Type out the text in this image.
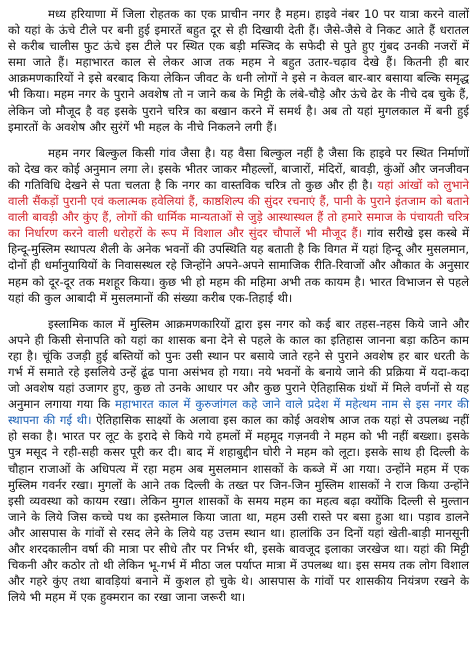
मध्य हरियाणा में जिला रोहतक का एक प्राचीन नगर है महम। हाइवे नंबर 10 पर यात्रा करने वालों को यहां के ऊंचे टीले पर बनी हुई इमारतें बहुत दूर से ही दिखायी देती हैं। जैसे-जैसे वे निकट आते हैं धरातल से करीब चालीस फुट ऊंचे इस टीले पर स्थित एक बड़ी मस्जिद के सफेदी से पुते हुए गुंबद उनकी नजरों में समा जाते हैं। महाभारत काल से लेकर आज तक महम ने बहुत उतार-चढ़ाव देखे हैं। कितनी ही बार आक्रमणकारियों ने इसे बरबाद किया लेकिन जीवट के धनी लोगों ने इसे न केवल बार-बार बसाया बल्कि समृद्ध भी किया। महम नगर के पुराने अवशेष तो न जाने कब के मिट्टी के लंबे-चौड़े और ऊंचे ढेर के नीचे दब चुके हैं, लेकिन जो मौजूद है वह इसके पुराने चरित्र का बखान करने में समर्थ है। अब तो यहां मुगलकाल में बनी हुई इमारतों के अवशेष और सुरंगें भी महल के नीचे निकलने लगी हैं।

महम नगर बिल्कुल किसी गांव जैसा है। यह वैसा बिल्कुल नहीं है जैसा कि हाइवे पर स्थित निर्माणों को देख कर कोई अनुमान लगा ले। इसके भीतर जाकर मौहल्लों, बाजारों, मंदिरों, बावड़ी, कुंओं और जनजीवन की गतिविधि देखने से पता चलता है कि नगर का वास्तविक चरित्र तो कुछ और ही है। यहां आंखों को लुभाने वाली सैंकड़ों पुरानी एवं कलात्मक हवेलियां हैं, काष्ठशिल्प की सुंदर रचनाएं हैं, पानी के पुराने इंतजाम को बताने वाली बावड़ी और कुंए हैं, लोगों की धार्मिक मान्यताओं से जुड़े आस्थास्थल हैं तो हमारे समाज के पंचायती चरित्र का निर्धारण करने वाली धरोहरों के रूप में विशाल और सुंदर चौपालें भी मौजूद हैं। गांव सरीखे इस कस्बे में हिन्दू-मुस्लिम स्थापत्य शैली के अनेक भवनों की उपस्थिति यह बताती है कि विगत में यहां हिन्दू और मुसलमान, दोनों ही धर्मानुयायियों के निवासस्थल रहे जिन्होंने अपने-अपने सामाजिक रीति-रिवाजों और औकात के अनुसार महम को दूर-दूर तक मशहूर किया। कुछ भी हो महम की महिमा अभी तक कायम है। भारत विभाजन से पहले यहां की कुल आबादी में मुसलमानों की संख्या करीब एक-तिहाई थी।

इस्लामिक काल में मुस्लिम आक्रमणकारियों द्वारा इस नगर को कई बार तहस-नहस किये जाने और अपने ही किसी सेनापति को यहां का शासक बना देने से पहले के काल का इतिहास जानना बड़ा कठिन काम रहा है। चूंकि उजड़ी हुई बस्तियों को पुनः उसी स्थान पर बसाये जाते रहने से पुराने अवशेष हर बार धरती के गर्भ में समाते रहे इसलिये उन्हें ढूंढ पाना असंभव हो गया। नये भवनों के बनाये जाने की प्रक्रिया में यदा-कदा जो अवशेष यहां उजागर हुए, कुछ तो उनके आधार पर और कुछ पुराने ऐतिहासिक ग्रंथों में मिले वर्णनों से यह अनुमान लगाया गया कि महाभारत काल में कुरुजांगल कहे जाने वाले प्रदेश में महेत्थम नाम से इस नगर की स्थापना की गई थी। ऐतिहासिक साक्ष्यों के अलावा इस काल का कोई अवशेष आज तक यहां से उपलब्ध नहीं हो सका है। भारत पर लूट के इरादे से किये गये हमलों में महमूद गज़नवी ने महम को भी नहीं बख्शा। इसके पुत्र मसूद ने रही-सही कसर पूरी कर दी। बाद में शहाबुद्दीन घोरी ने महम को लूटा। इसके साथ ही दिल्ली के चौहान राजाओं के अधिपत्य में रहा महम अब मुसलमान शासकों के कब्जे में आ गया। उन्होंने महम में एक मुस्लिम गवर्नर रखा। मुगलों के आने तक दिल्ली के तख्त पर जिन-जिन मुस्लिम शासकों ने राज किया उन्होंने इसी व्यवस्था को कायम रखा। लेकिन मुगल शासकों के समय महम का महत्व बढ़ा क्योंकि दिल्ली से मुल्तान जाने के लिये जिस कच्चे पथ का इस्तेमाल किया जाता था, महम उसी रास्ते पर बसा हुआ था। पड़ाव डालने और आसपास के गांवों से रसद लेने के लिये यह उत्तम स्थान था। हालांकि उन दिनों यहां खेती-बाड़ी मानसूनी और शरदकालीन वर्षा की मात्रा पर सीधे तौर पर निर्भर थी, इसके बावजूद इलाका जरखेज था। यहां की मिट्टी चिकनी और कठोर तो थी लेकिन भू-गर्भ में मीठा जल पर्याप्त मात्रा में उपलब्ध था। इस समय तक लोग विशाल और गहरे कुंए तथा बावड़ियां बनाने में कुशल हो चुके थे। आसपास के गांवों पर शासकीय नियंत्रण रखने के लिये भी महम में एक हुक्मरान का रखा जाना जरूरी था।
